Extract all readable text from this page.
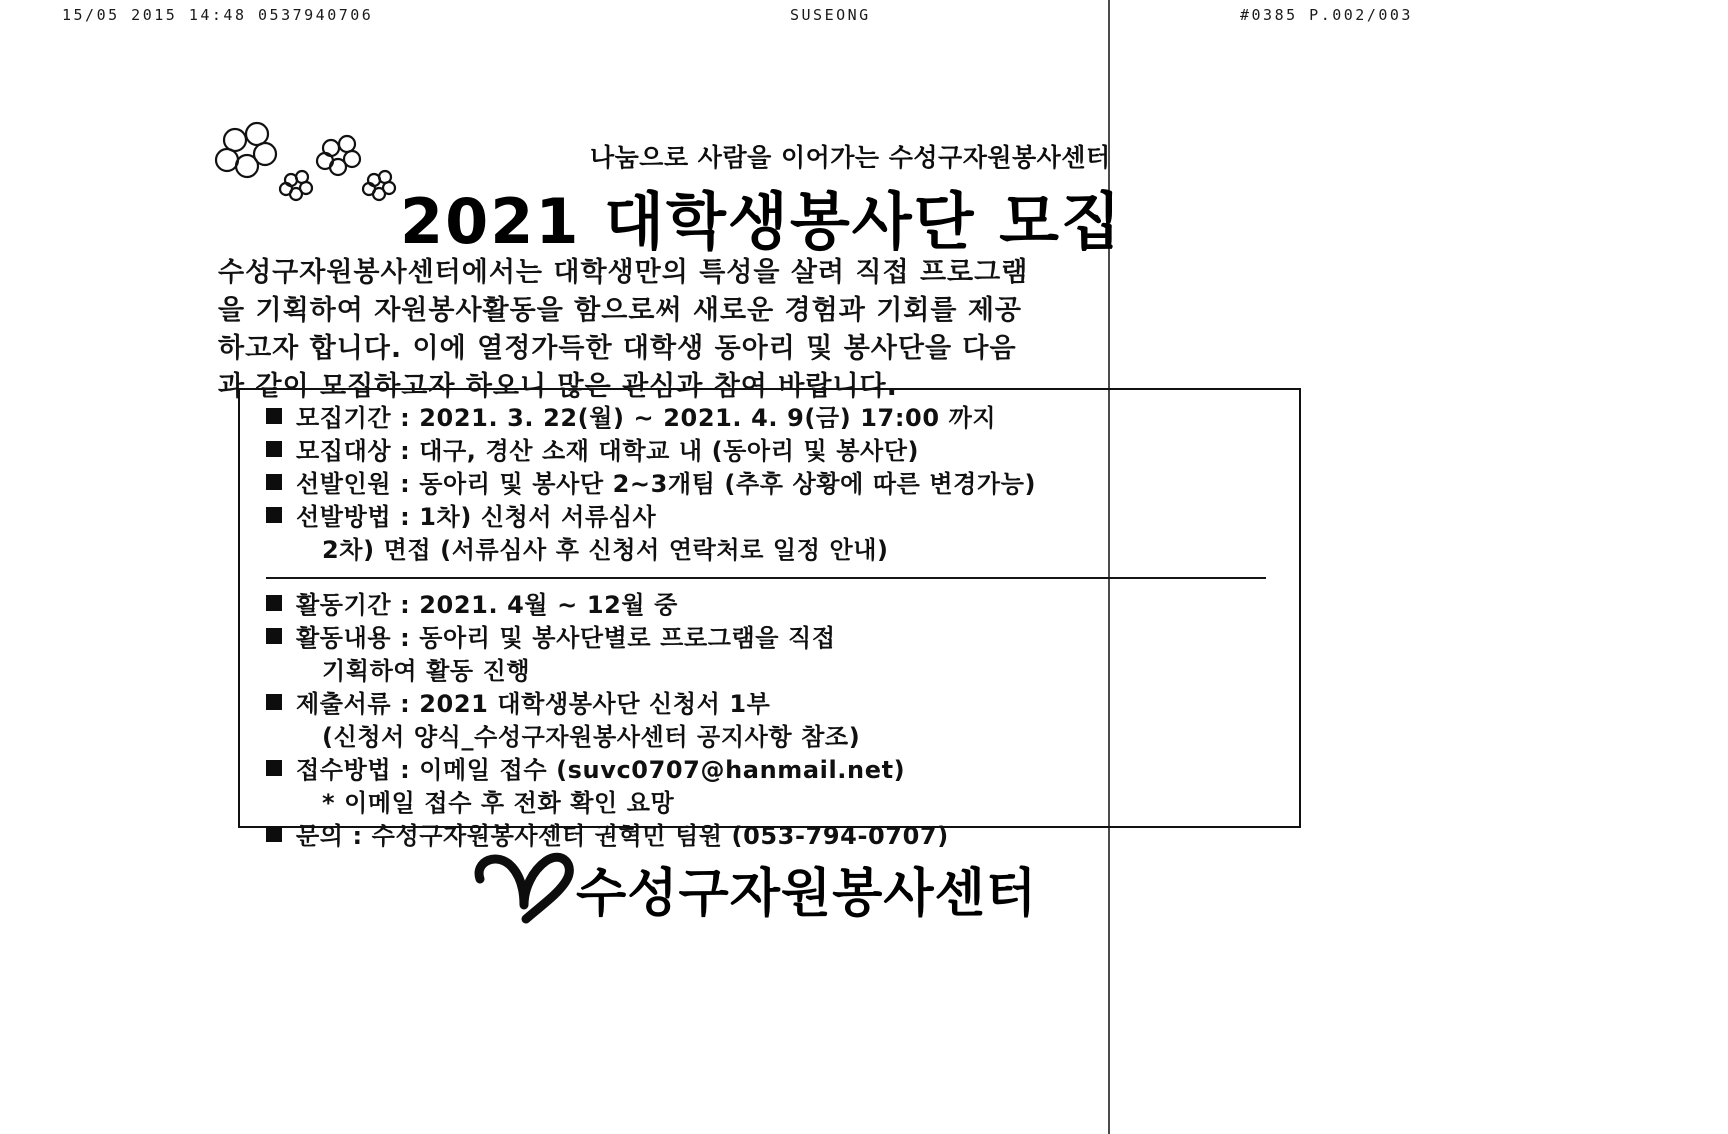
15/05 2015 14:48 0537940706	SUSEONG	#0385 P.002/003
나눔으로 사람을 이어가는 수성구자원봉사센터
2021 대학생봉사단 모집

수성구자원봉사센터에서는 대학생만의 특성을 살려 직접 프로그램

을 기획하여 자원봉사활동을 함으로써 새로운 경험과 기회를 제공

하고자 합니다. 이에 열정가득한 대학생 동아리 및 봉사단을 다음

과 같이 모집하고자 하오니 많은 관심과 참여 바랍니다.

모집기간 : 2021. 3. 22(월) ~ 2021. 4. 9(금) 17:00 까지
모집대상 : 대구, 경산 소재 대학교 내 (동아리 및 봉사단)
선발인원 : 동아리 및 봉사단 2~3개팀 (추후 상황에 따른 변경가능)
선발방법 : 1차) 신청서 서류심사
2차) 면접 (서류심사 후 신청서 연락처로 일정 안내)
활동기간 : 2021. 4월 ~ 12월 중
활동내용 : 동아리 및 봉사단별로 프로그램을 직접
기획하여 활동 진행
제출서류 : 2021 대학생봉사단 신청서 1부
(신청서 양식_수성구자원봉사센터 공지사항 참조)
접수방법 : 이메일 접수 (suvc0707@hanmail.net)
* 이메일 접수 후 전화 확인 요망
문의 : 수성구자원봉사센터 권혁민 팀원 (053-794-0707)
수성구자원봉사센터
